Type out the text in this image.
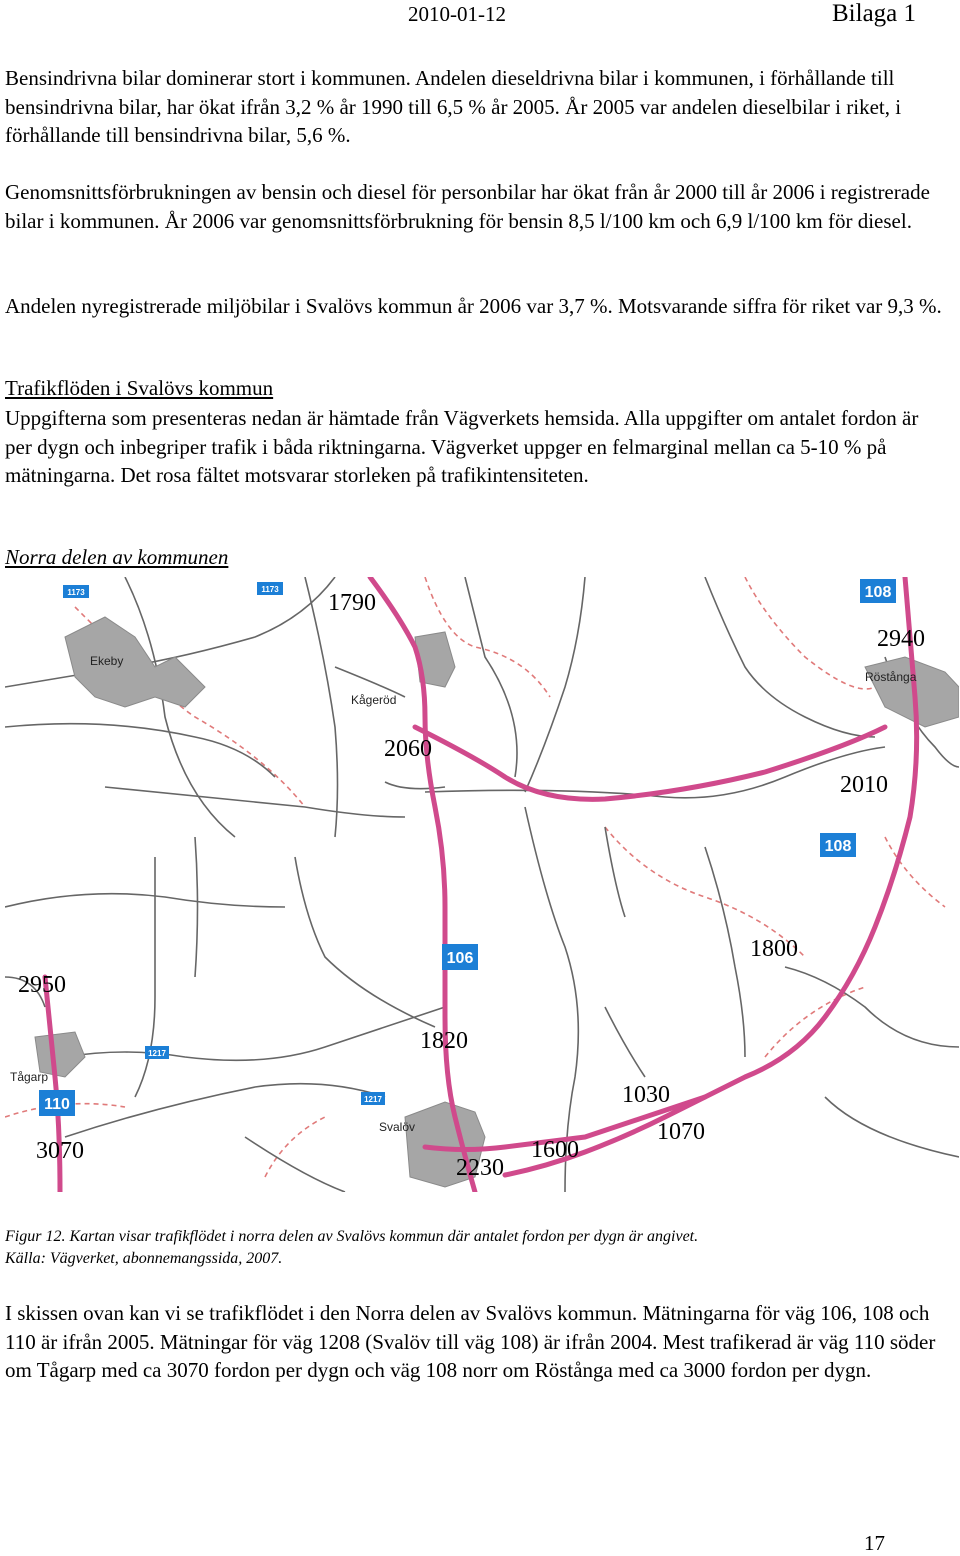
2010-01-12	Bilaga 1

Bensindrivna bilar dominerar stort i kommunen. Andelen dieseldrivna bilar i kommunen, i förhållande till bensindrivna bilar, har ökat ifrån 3,2 % år 1990 till 6,5 % år 2005. År 2005 var andelen dieselbilar i riket, i förhållande till bensindrivna bilar, 5,6 %.

Genomsnittsförbrukningen av bensin och diesel för personbilar har ökat från år 2000 till år 2006 i registrerade bilar i kommunen. År 2006 var genomsnittsförbrukning för bensin 8,5 l/100 km och 6,9 l/100 km för diesel.

Andelen nyregistrerade miljöbilar i Svalövs kommun år 2006 var 3,7 %. Motsvarande siffra för riket var 9,3 %.

Trafikflöden i Svalövs kommun

Uppgifterna som presenteras nedan är hämtade från Vägverkets hemsida. Alla uppgifter om antalet fordon är per dygn och inbegriper trafik i båda riktningarna. Vägverket uppger en felmarginal mellan ca 5-10 % på mätningarna. Det rosa fältet motsvarar storleken på trafikintensiteten.

Norra delen av kommunen
1173	1173	108
108
106
110
1217
1217
Ekeby
Kågeröd
Röstånga
Tågarp
Svalöv
1790
2940
2060
2010
1800
2950
1820
1030
1070
3070	1600
2230

Figur 12. Kartan visar trafikflödet i norra delen av Svalövs kommun där antalet fordon per dygn är angivet.
Källa: Vägverket, abonnemangssida, 2007.

I skissen ovan kan vi se trafikflödet i den Norra delen av Svalövs kommun. Mätningarna för väg 106, 108 och 110 är ifrån 2005. Mätningar för väg 1208 (Svalöv till väg 108) är ifrån 2004. Mest trafikerad är väg 110 söder om Tågarp med ca 3070 fordon per dygn och väg 108 norr om Röstånga med ca 3000 fordon per dygn.

17
